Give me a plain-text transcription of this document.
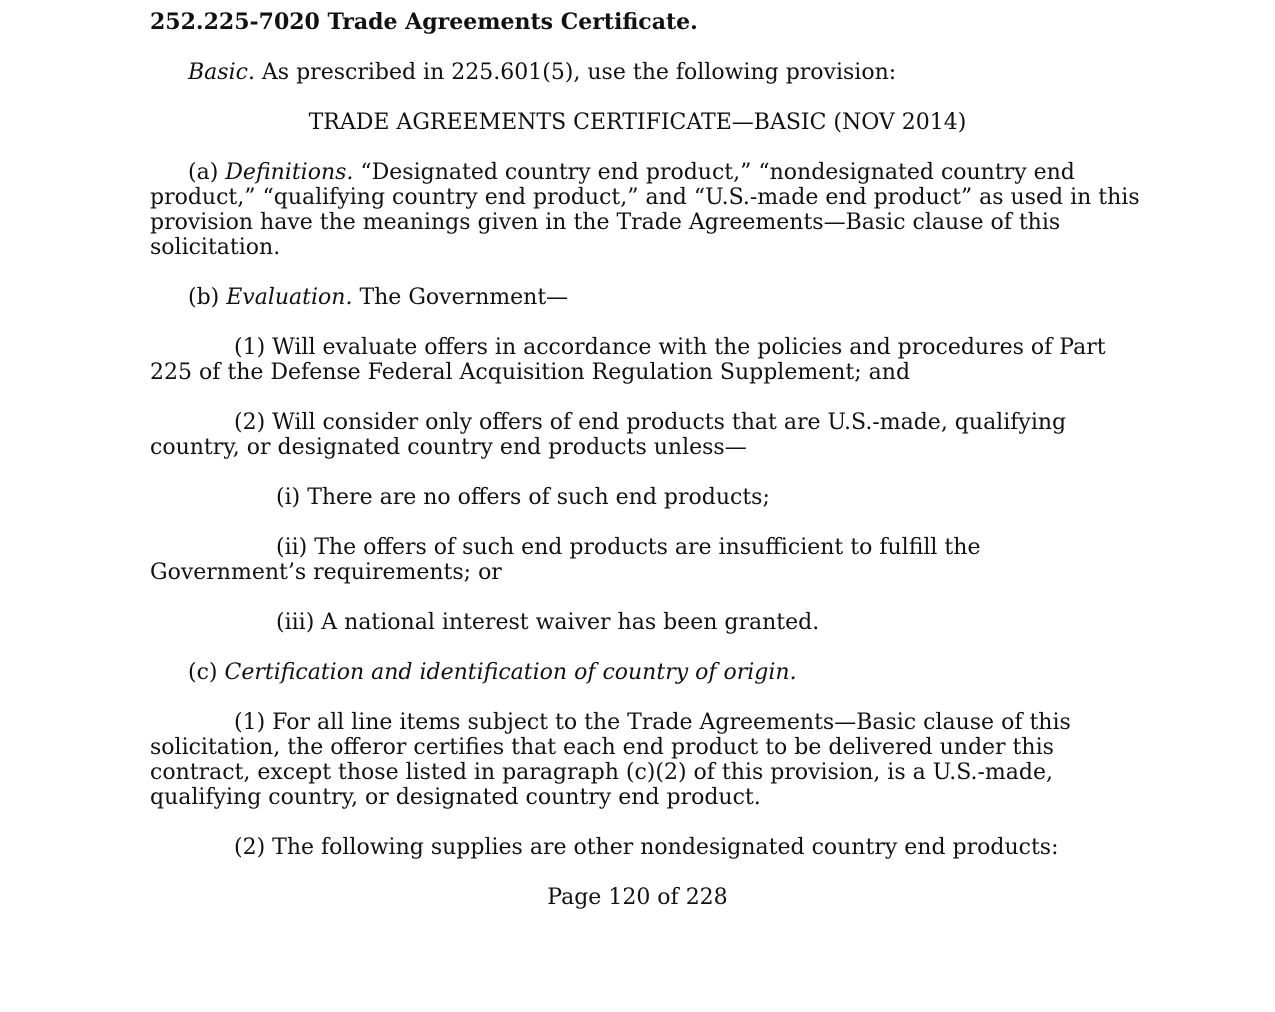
252.225-7020 Trade Agreements Certificate.
Basic. As prescribed in 225.601(5), use the following provision:
TRADE AGREEMENTS CERTIFICATE—BASIC (NOV 2014)
(a) Definitions. “Designated country end product,” “nondesignated country end
product,” “qualifying country end product,” and “U.S.-made end product” as used in this
provision have the meanings given in the Trade Agreements—Basic clause of this
solicitation.
(b) Evaluation. The Government—
(1) Will evaluate offers in accordance with the policies and procedures of Part
225 of the Defense Federal Acquisition Regulation Supplement; and
(2) Will consider only offers of end products that are U.S.-made, qualifying
country, or designated country end products unless—
(i) There are no offers of such end products;
(ii) The offers of such end products are insufficient to fulfill the
Government’s requirements; or
(iii) A national interest waiver has been granted.
(c) Certification and identification of country of origin.
(1) For all line items subject to the Trade Agreements—Basic clause of this
solicitation, the offeror certifies that each end product to be delivered under this
contract, except those listed in paragraph (c)(2) of this provision, is a U.S.-made,
qualifying country, or designated country end product.
(2) The following supplies are other nondesignated country end products:
Page 120 of 228
